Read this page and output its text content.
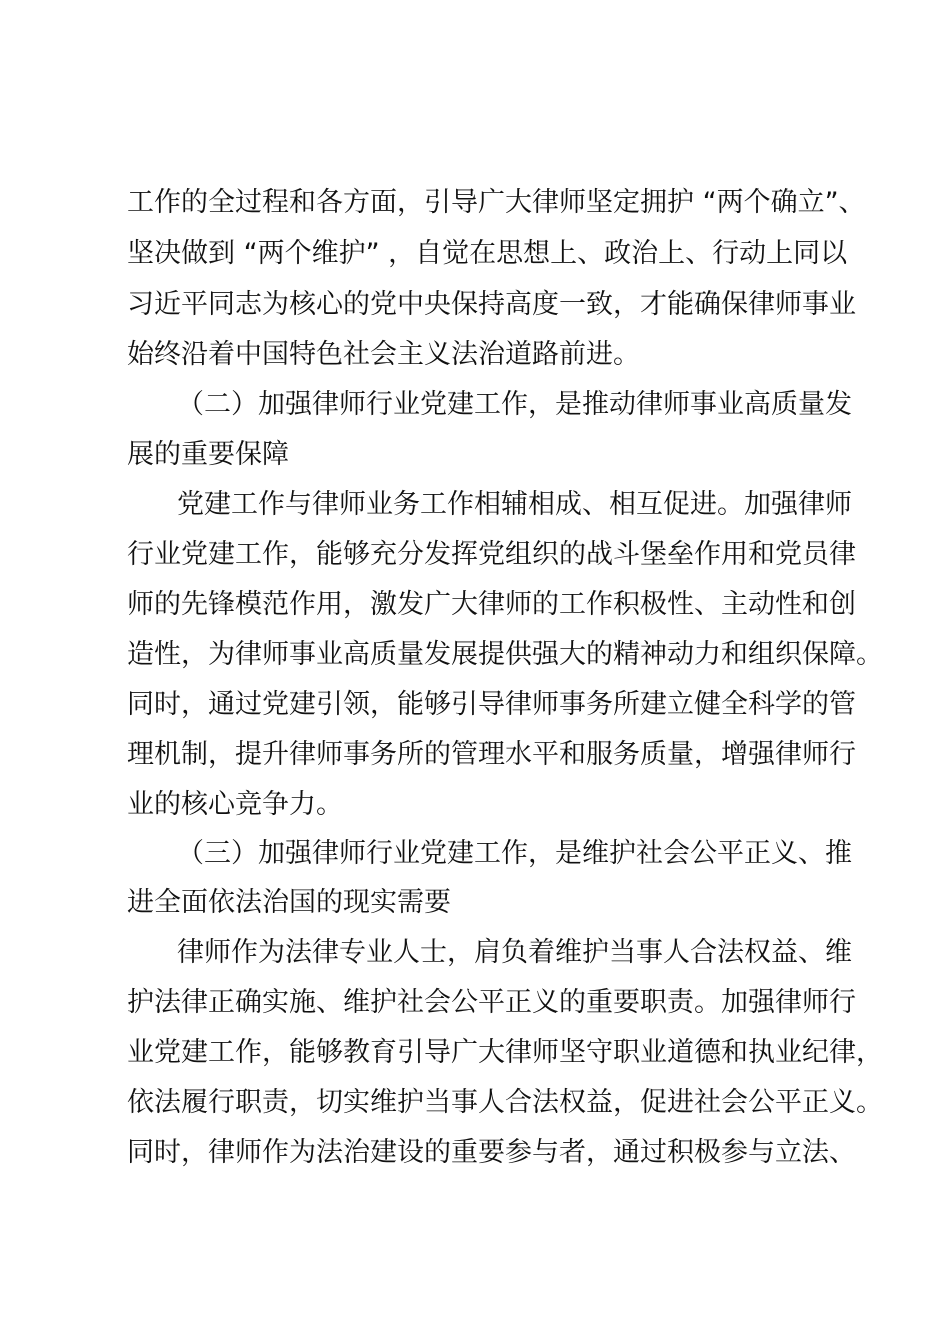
工作的全过程和各方面，引导广大律师坚定拥护 “两个确立”、
坚决做到 “两个维护” ，自觉在思想上、政治上、行动上同以
习近平同志为核心的党中央保持高度一致，才能确保律师事业
始终沿着中国特色社会主义法治道路前进。
（二）加强律师行业党建工作，是推动律师事业高质量发
展的重要保障
党建工作与律师业务工作相辅相成、相互促进。加强律师
行业党建工作，能够充分发挥党组织的战斗堡垒作用和党员律
师的先锋模范作用，激发广大律师的工作积极性、主动性和创
造性，为律师事业高质量发展提供强大的精神动力和组织保障。
同时，通过党建引领，能够引导律师事务所建立健全科学的管
理机制，提升律师事务所的管理水平和服务质量，增强律师行
业的核心竞争力。
（三）加强律师行业党建工作，是维护社会公平正义、推
进全面依法治国的现实需要
律师作为法律专业人士，肩负着维护当事人合法权益、维
护法律正确实施、维护社会公平正义的重要职责。加强律师行
业党建工作，能够教育引导广大律师坚守职业道德和执业纪律，
依法履行职责，切实维护当事人合法权益，促进社会公平正义。
同时，律师作为法治建设的重要参与者，通过积极参与立法、
